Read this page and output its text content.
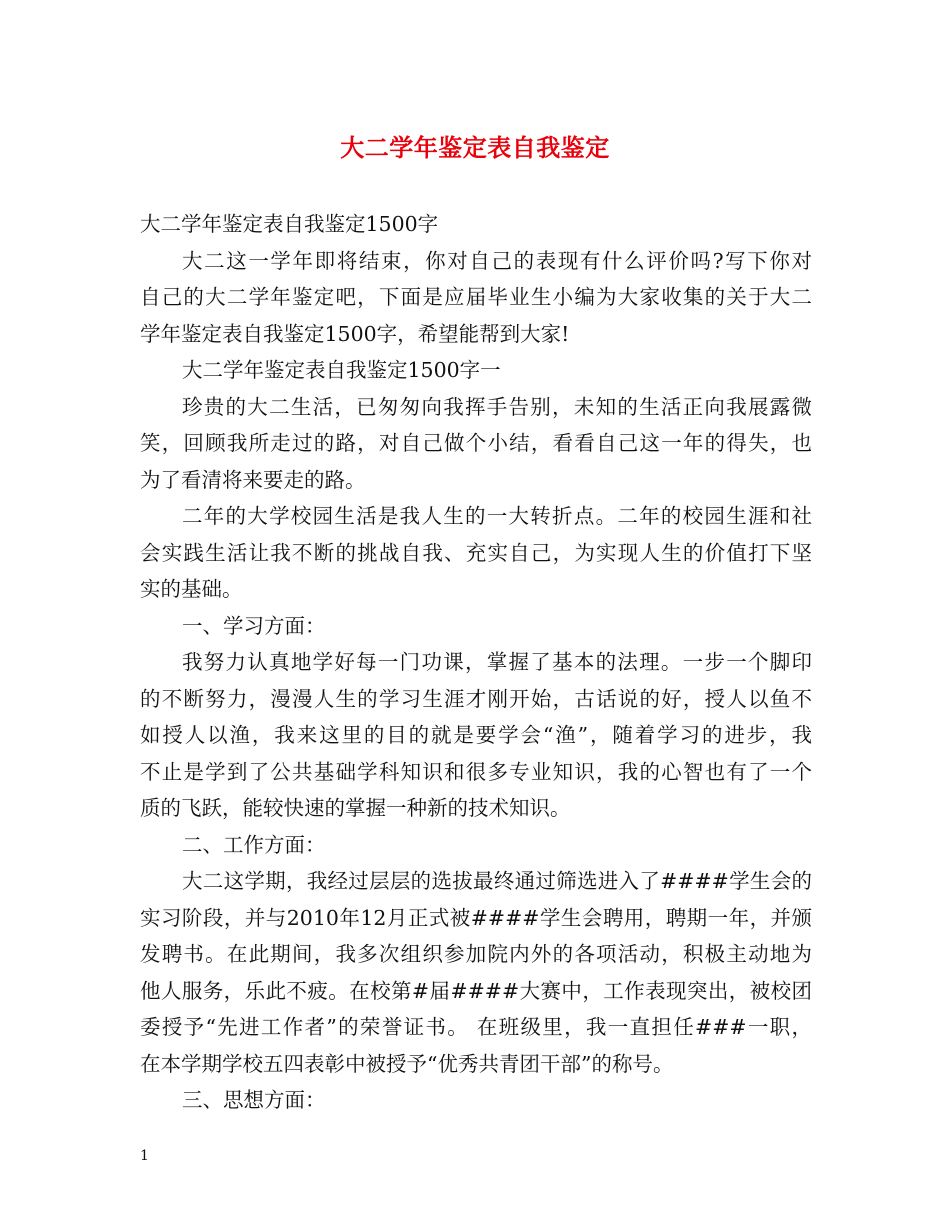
大二学年鉴定表自我鉴定
大二学年鉴定表自我鉴定1500字
大二这一学年即将结束，你对自己的表现有什么评价吗?写下你对
自己的大二学年鉴定吧，下面是应届毕业生小编为大家收集的关于大二
学年鉴定表自我鉴定1500字，希望能帮到大家!
大二学年鉴定表自我鉴定1500字一
珍贵的大二生活，已匆匆向我挥手告别，未知的生活正向我展露微
笑，回顾我所走过的路，对自己做个小结，看看自己这一年的得失，也
为了看清将来要走的路。
二年的大学校园生活是我人生的一大转折点。二年的校园生涯和社
会实践生活让我不断的挑战自我、充实自己，为实现人生的价值打下坚
实的基础。
一、学习方面：
我努力认真地学好每一门功课，掌握了基本的法理。一步一个脚印
的不断努力，漫漫人生的学习生涯才刚开始，古话说的好，授人以鱼不
如授人以渔，我来这里的目的就是要学会“渔”，随着学习的进步，我
不止是学到了公共基础学科知识和很多专业知识，我的心智也有了一个
质的飞跃，能较快速的掌握一种新的技术知识。
二、工作方面：
大二这学期，我经过层层的选拔最终通过筛选进入了####学生会的
实习阶段，并与2010年12月正式被####学生会聘用，聘期一年，并颁
发聘书。在此期间，我多次组织参加院内外的各项活动，积极主动地为
他人服务，乐此不疲。在校第#届####大赛中，工作表现突出，被校团
委授予“先进工作者”的荣誉证书。 在班级里，我一直担任###一职，
在本学期学校五四表彰中被授予“优秀共青团干部”的称号。
三、思想方面：
1
